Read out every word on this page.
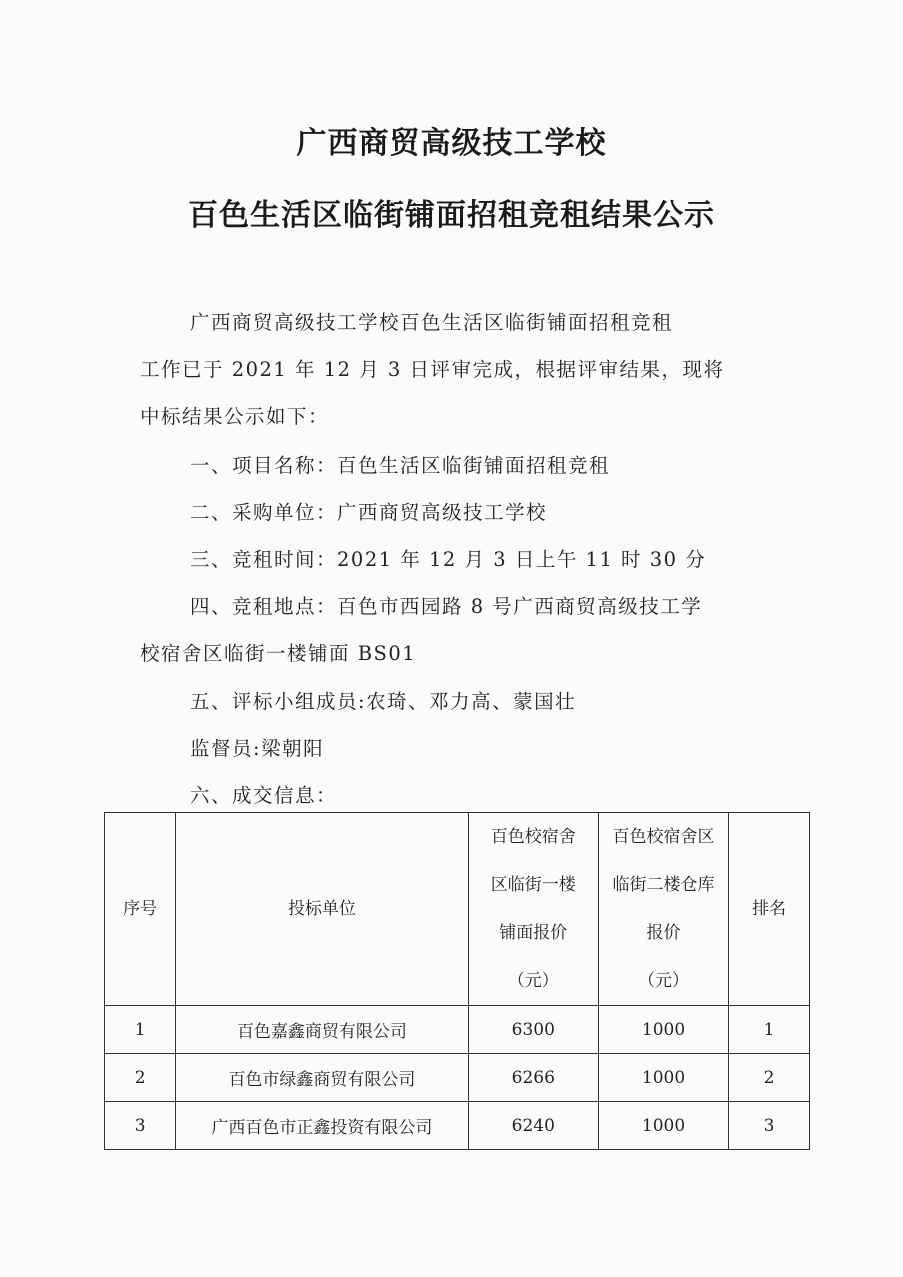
广西商贸高级技工学校
百色生活区临街铺面招租竞租结果公示
广西商贸高级技工学校百色生活区临街铺面招租竞租
工作已于 2021 年 12 月 3 日评审完成，根据评审结果，现将
中标结果公示如下：
一、项目名称：百色生活区临街铺面招租竞租
二、采购单位：广西商贸高级技工学校
三、竞租时间：2021 年 12 月 3 日上午 11 时 30 分
四、竞租地点：百色市西园路 8 号广西商贸高级技工学
校宿舍区临街一楼铺面 BS01
五、评标小组成员:农琦、邓力高、蒙国壮
监督员:梁朝阳
六、成交信息：
序号	投标单位	百色校宿舍
区临街一楼
铺面报价
（元）	百色校宿舍区
临街二楼仓库
报价
（元）	排名
1	百色嘉鑫商贸有限公司	6300	1000	1
2	百色市绿鑫商贸有限公司	6266	1000	2
3	广西百色市正鑫投资有限公司	6240	1000	3
